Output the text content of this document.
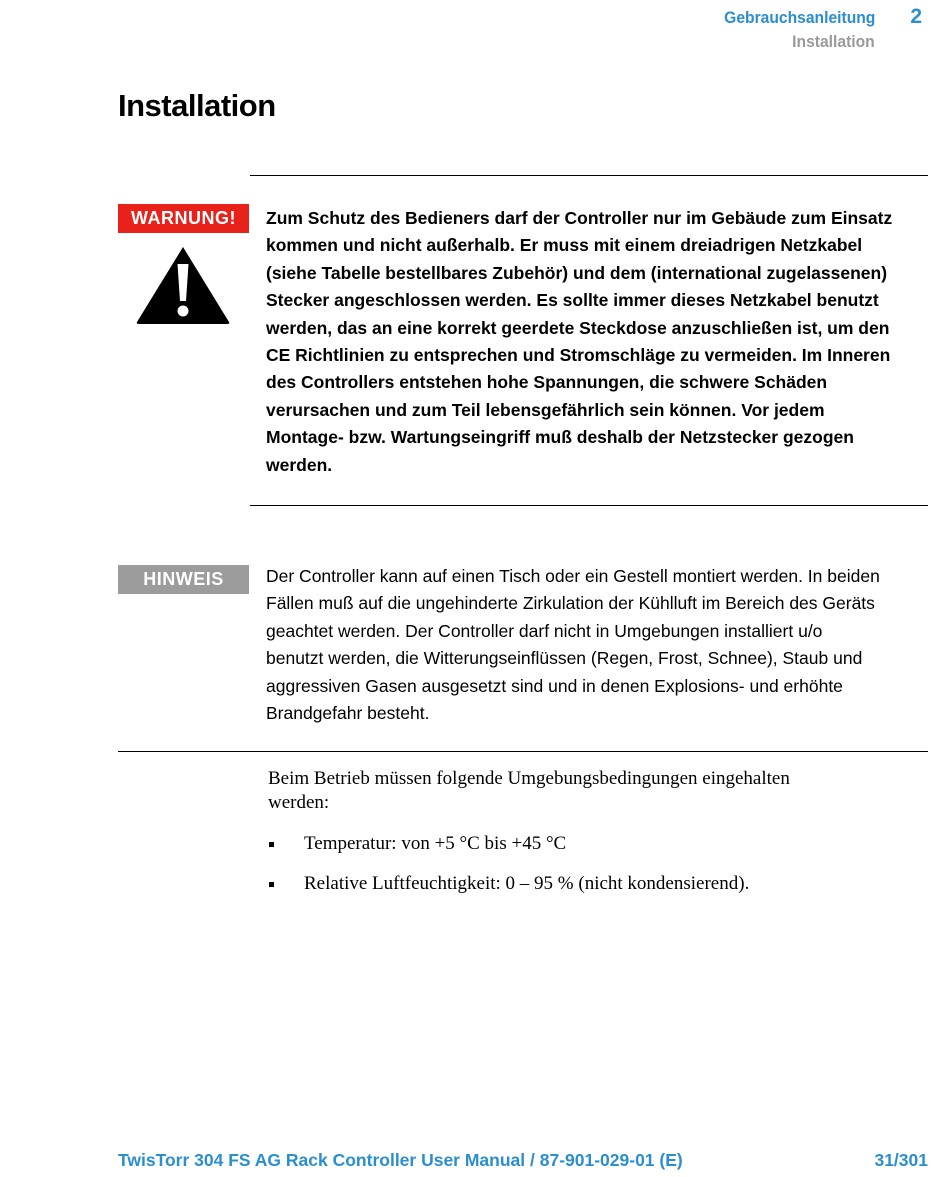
Gebrauchsanleitung 2
Installation
Installation
WARNUNG!	Zum Schutz des Bedieners darf der Controller nur im Gebäude zum Einsatz
kommen und nicht außerhalb. Er muss mit einem dreiadrigen Netzkabel
(siehe Tabelle bestellbares Zubehör) und dem (international zugelassenen)
Stecker angeschlossen werden. Es sollte immer dieses Netzkabel benutzt
werden, das an eine korrekt geerdete Steckdose anzuschließen ist, um den
CE Richtlinien zu entsprechen und Stromschläge zu vermeiden. Im Inneren
des Controllers entstehen hohe Spannungen, die schwere Schäden
verursachen und zum Teil lebensgefährlich sein können. Vor jedem
Montage- bzw. Wartungseingriff muß deshalb der Netzstecker gezogen
werden.
HINWEIS	Der Controller kann auf einen Tisch oder ein Gestell montiert werden. In beiden
Fällen muß auf die ungehinderte Zirkulation der Kühlluft im Bereich des Geräts
geachtet werden. Der Controller darf nicht in Umgebungen installiert u/o
benutzt werden, die Witterungseinflüssen (Regen, Frost, Schnee), Staub und
aggressiven Gasen ausgesetzt sind und in denen Explosions- und erhöhte
Brandgefahr besteht.
Beim Betrieb müssen folgende Umgebungsbedingungen eingehalten
werden:
Temperatur: von +5 °C bis +45 °C
Relative Luftfeuchtigkeit: 0 – 95 % (nicht kondensierend).
TwisTorr 304 FS AG Rack Controller User Manual / 87-901-029-01 (E)	31/301
